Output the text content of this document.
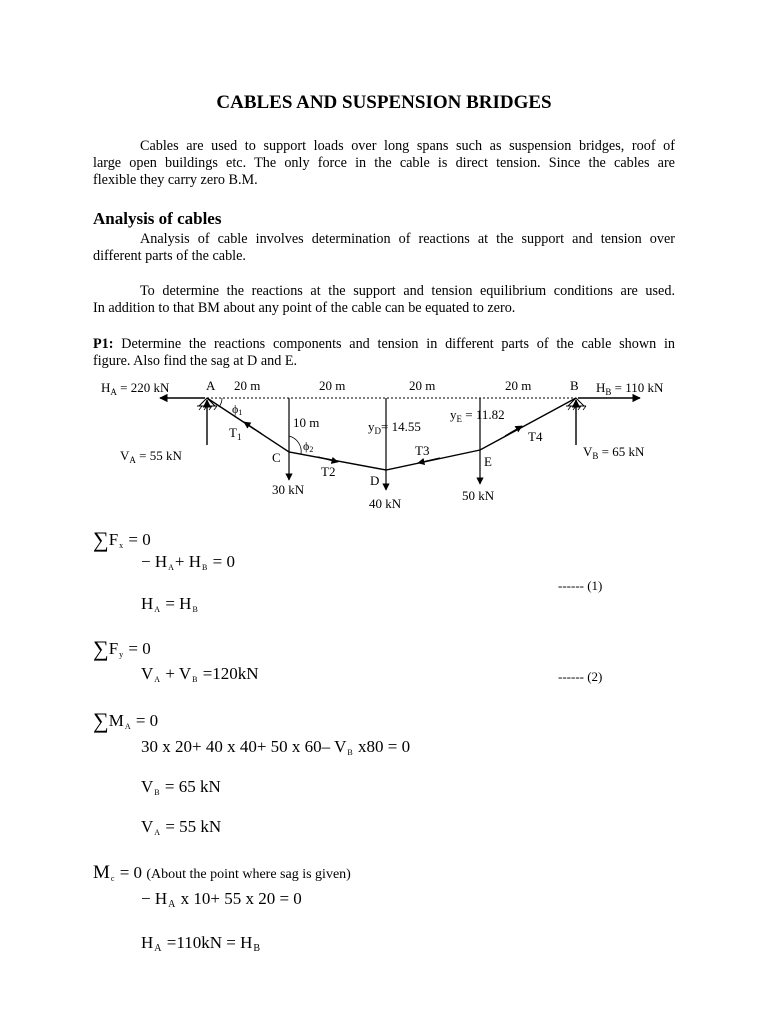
CABLES AND SUSPENSION BRIDGES
Cables are used to support loads over long spans such as suspension bridges, roof of
large open buildings etc. The only force in the cable is direct tension. Since the cables are
flexible they carry zero B.M.
Analysis of cables
Analysis of cable involves determination of reactions at the support and tension over
different parts of the cable.
To determine the reactions at the support and tension equilibrium conditions are used.
In addition to that BM about any point of the cable can be equated to zero.
P1: Determine the reactions components and tension in different parts of the cable shown in
figure. Also find the sag at D and E.
$H_A = 220$ kN	A 20 m	20 m	20 m	20 m	B $H_B = 110$ kN
ϕ1
$T_1$
10 m
ϕ2
$V_A = 55$ kN	C
T2
30 kN
$y_D= 14.55$
D
40 kN
T3
$y_E = 11.82$
E
50 kN
T4
$V_B = 65$ kN
$\sum F_x = 0$
− $H_A+ H_B = 0$
------ (1)
$H_A = H_B$
$\sum F_y = 0$
$V_A + V_B =120kN$	------ (2)
$\sum M_A = 0$
30 x 20+ 40 x 40+ 50 x 60– $V_B$ x80 = 0
$V_B = 65$ kN
$V_A = 55$ kN
$M_c = 0$ (About the point where sag is given)
− HA x 10+ 55 x 20 = 0
HA =110kN = HB
